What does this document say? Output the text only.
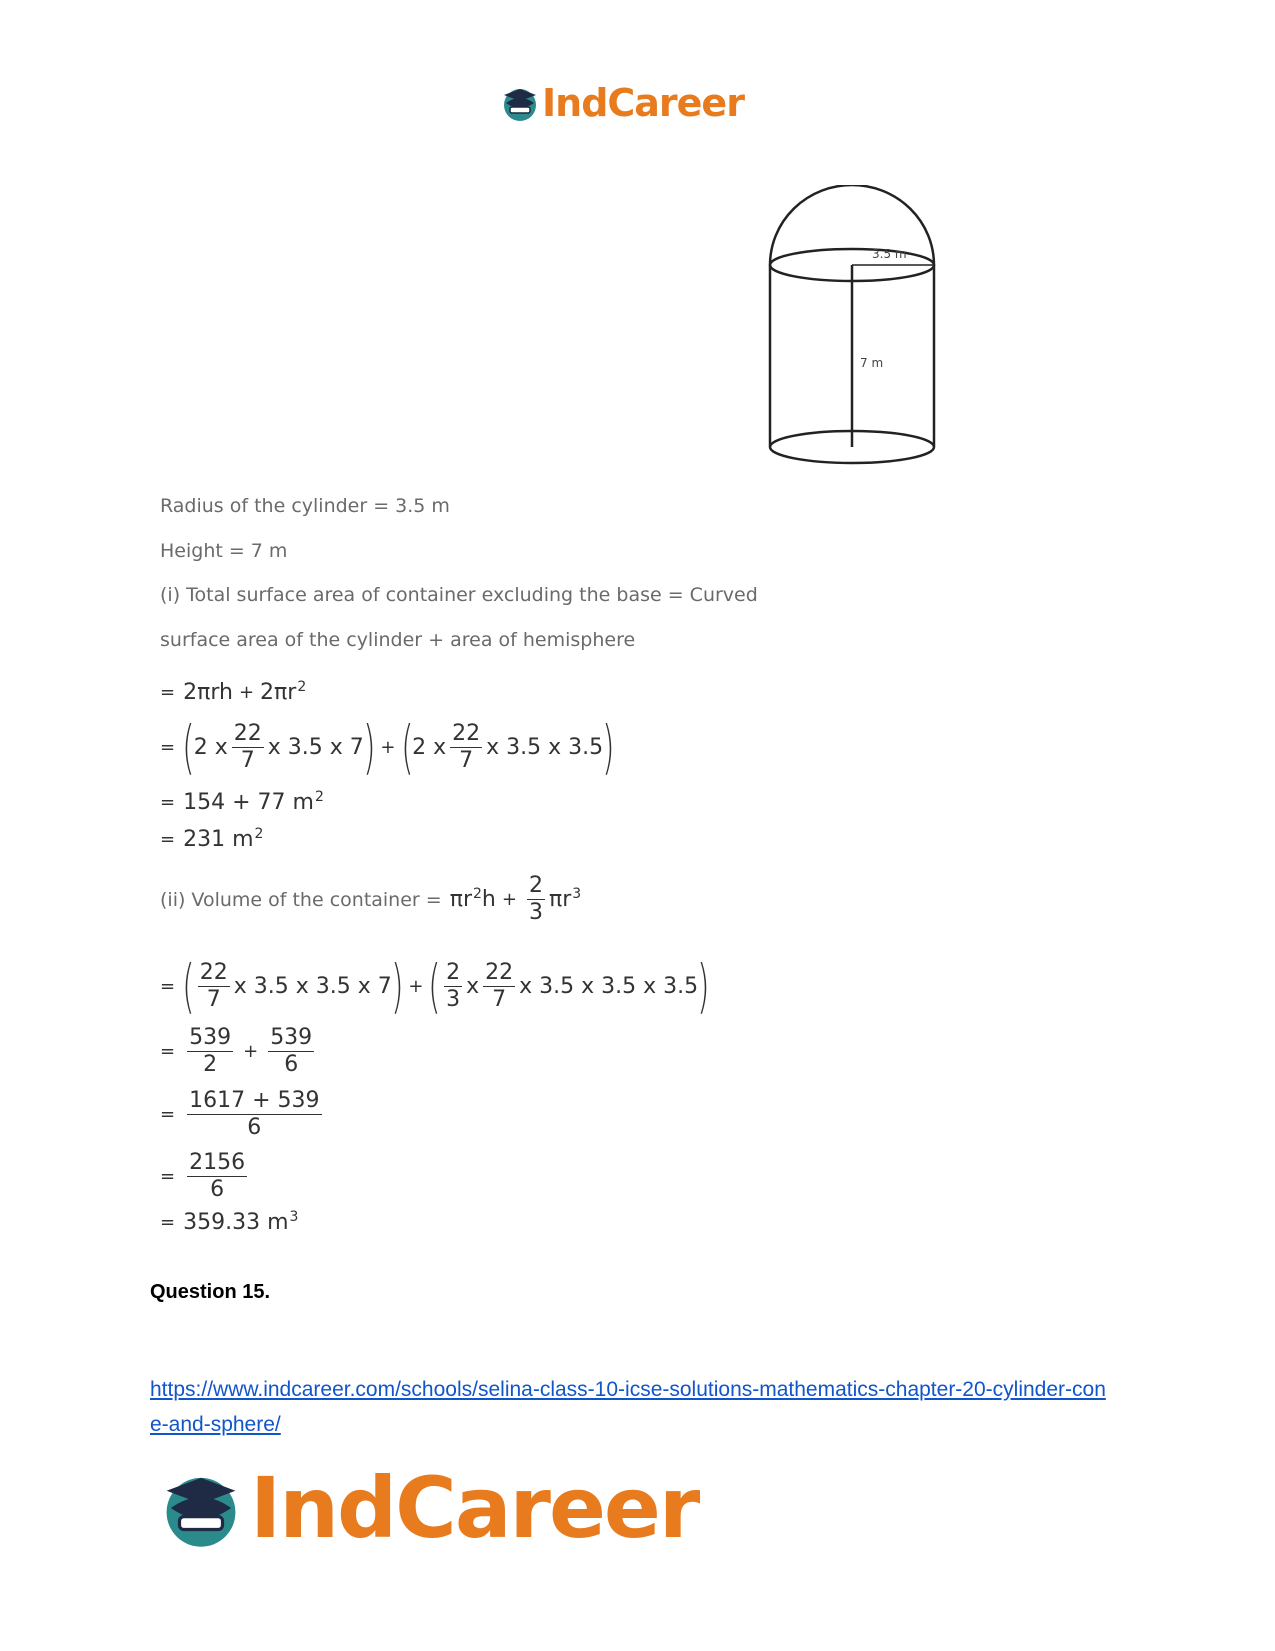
IndCareer
3.5 m
7 m
Radius of the cylinder = 3.5 m
Height = 7 m
(i) Total surface area of container excluding the base = Curved
surface area of the cylinder + area of hemisphere
= 2πrh + 2πr 2
= ( 2 x $\frac{22}{7}$ x 3.5 x 7 ) + ( 2 x $\frac{22}{7}$ x 3.5 x 3.5 )
= 154 + 77 m 2
= 231 m 2
(ii) Volume of the container = πr 2 $h + \frac{2}{3}$ πr 3
= ( $\frac{22}{7}$ x 3.5 x 3.5 x 7 ) + ( $\frac{2}{3}$ x $\frac{22}{7}$ x 3.5 x 3.5 x 3.5 )
= $\frac{539}{2} + \frac{539}{6}$
= $\frac{1617 + 539}{6}$
= $\frac{2156}{6}$
= 359.33 m 3
Question 15.
https://www.indcareer.com/schools/selina-class-10-icse-solutions-mathematics-chapter-20-cylinder-cone-and-sphere/
IndCareer
